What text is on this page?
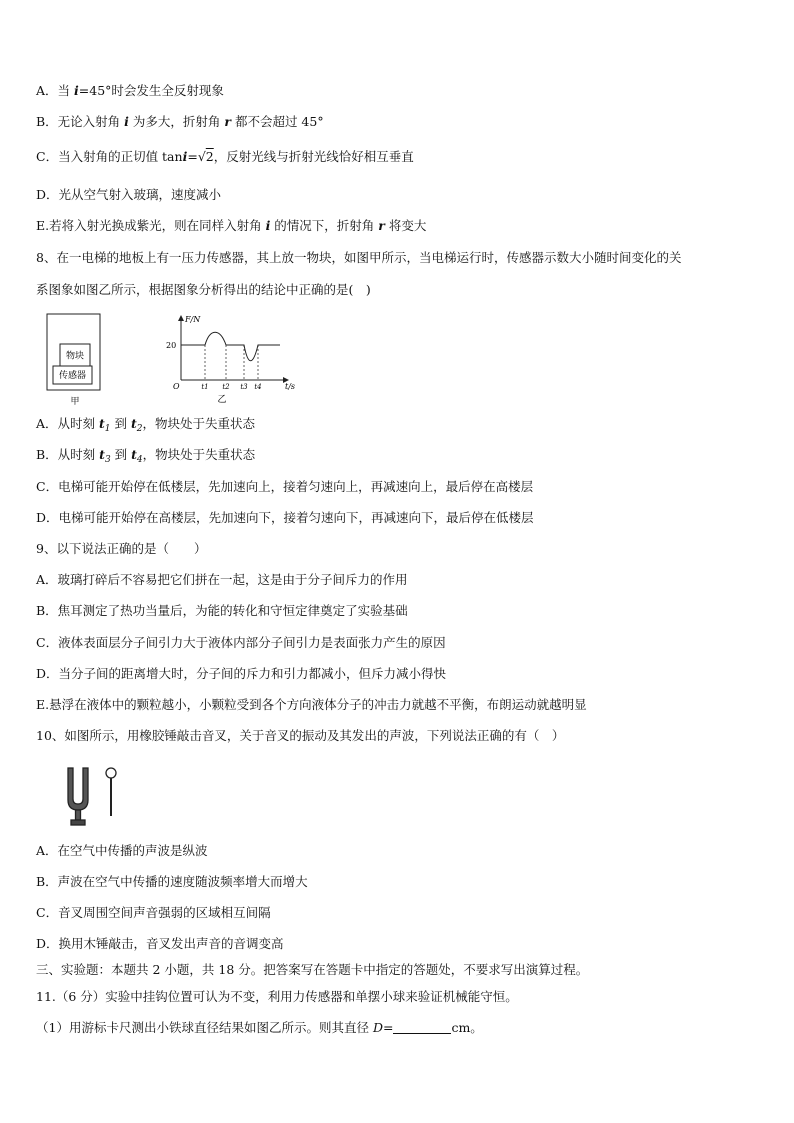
A．当 i=45°时会发生全反射现象
B．无论入射角 i 为多大，折射角 r 都不会超过 45°
C．当入射角的正切值 tani=√2，反射光线与折射光线恰好相互垂直
D．光从空气射入玻璃，速度减小
E.若将入射光换成紫光，则在同样入射角 i 的情况下，折射角 r 将变大
8、在一电梯的地板上有一压力传感器，其上放一物块，如图甲所示，当电梯运行时，传感器示数大小随时间变化的关
系图象如图乙所示，根据图象分析得出的结论中正确的是(　)
物块
传感器
甲
F/N
20
O	t/s
t1 t2 t3 t4
乙
A．从时刻 $t_1$ 到 $t_2$，物块处于失重状态
B．从时刻 $t_3$ 到 $t_4$，物块处于失重状态
C．电梯可能开始停在低楼层，先加速向上，接着匀速向上，再减速向上，最后停在高楼层
D．电梯可能开始停在高楼层，先加速向下，接着匀速向下，再减速向下，最后停在低楼层
9、以下说法正确的是（　　）
A．玻璃打碎后不容易把它们拼在一起，这是由于分子间斥力的作用
B．焦耳测定了热功当量后，为能的转化和守恒定律奠定了实验基础
C．液体表面层分子间引力大于液体内部分子间引力是表面张力产生的原因
D．当分子间的距离增大时，分子间的斥力和引力都减小，但斥力减小得快
E.悬浮在液体中的颗粒越小，小颗粒受到各个方向液体分子的冲击力就越不平衡，布朗运动就越明显
10、如图所示，用橡胶锤敲击音叉，关于音叉的振动及其发出的声波，下列说法正确的有（　）
A．在空气中传播的声波是纵波
B．声波在空气中传播的速度随波频率增大而增大
C．音叉周围空间声音强弱的区域相互间隔
D．换用木锤敲击，音叉发出声音的音调变高
三、实验题：本题共 2 小题，共 18 分。把答案写在答题卡中指定的答题处，不要求写出演算过程。
11.（6 分）实验中挂钩位置可认为不变，利用力传感器和单摆小球来验证机械能守恒。
（1）用游标卡尺测出小铁球直径结果如图乙所示。则其直径 D=	cm。
